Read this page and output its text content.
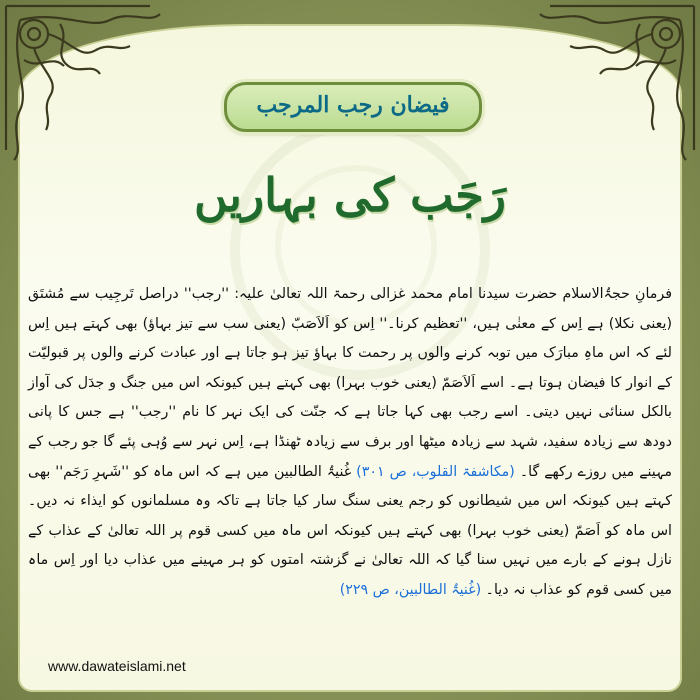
فیضان رجب المرجب
رَجَب کی بہاریں

فرمانِ حجۃُالاسلام حضرت سیدنا امام محمد غزالی رحمۃ اللہ تعالیٰ علیہ: ''رجب'' دراصل تَرجِیب سے مُشتَق (یعنی نکلا) ہے اِس کے معنٰی ہیں، ''تعظیم کرنا۔'' اِس کو اَلاَصَبّ (یعنی سب سے تیز بہاؤ) بھی کہتے ہیں اِس لئے کہ اس ماہِ مبارَک میں توبہ کرنے والوں پر رحمت کا بہاؤ تیز ہو جاتا ہے اور عبادت کرنے والوں پر قبولیّت کے انوار کا فیضان ہوتا ہے۔ اسے اَلاَصَمّ (یعنی خوب بہرا) بھی کہتے ہیں کیونکہ اس میں جنگ و جدَل کی آواز بالکل سنائی نہیں دیتی۔ اسے رجب بھی کہا جاتا ہے کہ جنّت کی ایک نہر کا نام ''رجب'' ہے جس کا پانی دودھ سے زیادہ سفید، شہد سے زیادہ میٹھا اور برف سے زیادہ ٹھنڈا ہے، اِس نہر سے وُہی پئے گا جو رجب کے مہینے میں روزے رکھے گا۔ (مکاشفۃ القلوب، ص ۳۰۱) غُنیۃُ الطالبین میں ہے کہ اس ماہ کو ''شَہرِ رَجَم'' بھی کہتے ہیں کیونکہ اس میں شیطانوں کو رجم یعنی سنگ سار کیا جاتا ہے تاکہ وہ مسلمانوں کو ایذاء نہ دیں۔ اس ماہ کو اَصَمّ (یعنی خوب بہرا) بھی کہتے ہیں کیونکہ اس ماہ میں کسی قوم پر اللہ تعالیٰ کے عذاب کے نازل ہونے کے بارے میں نہیں سنا گیا کہ اللہ تعالیٰ نے گزشتہ امتوں کو ہر مہینے میں عذاب دیا اور اِس ماہ میں کسی قوم کو عذاب نہ دیا۔ (غُنیۃُ الطالبین، ص ۲۲۹)

www.dawateislami.net
